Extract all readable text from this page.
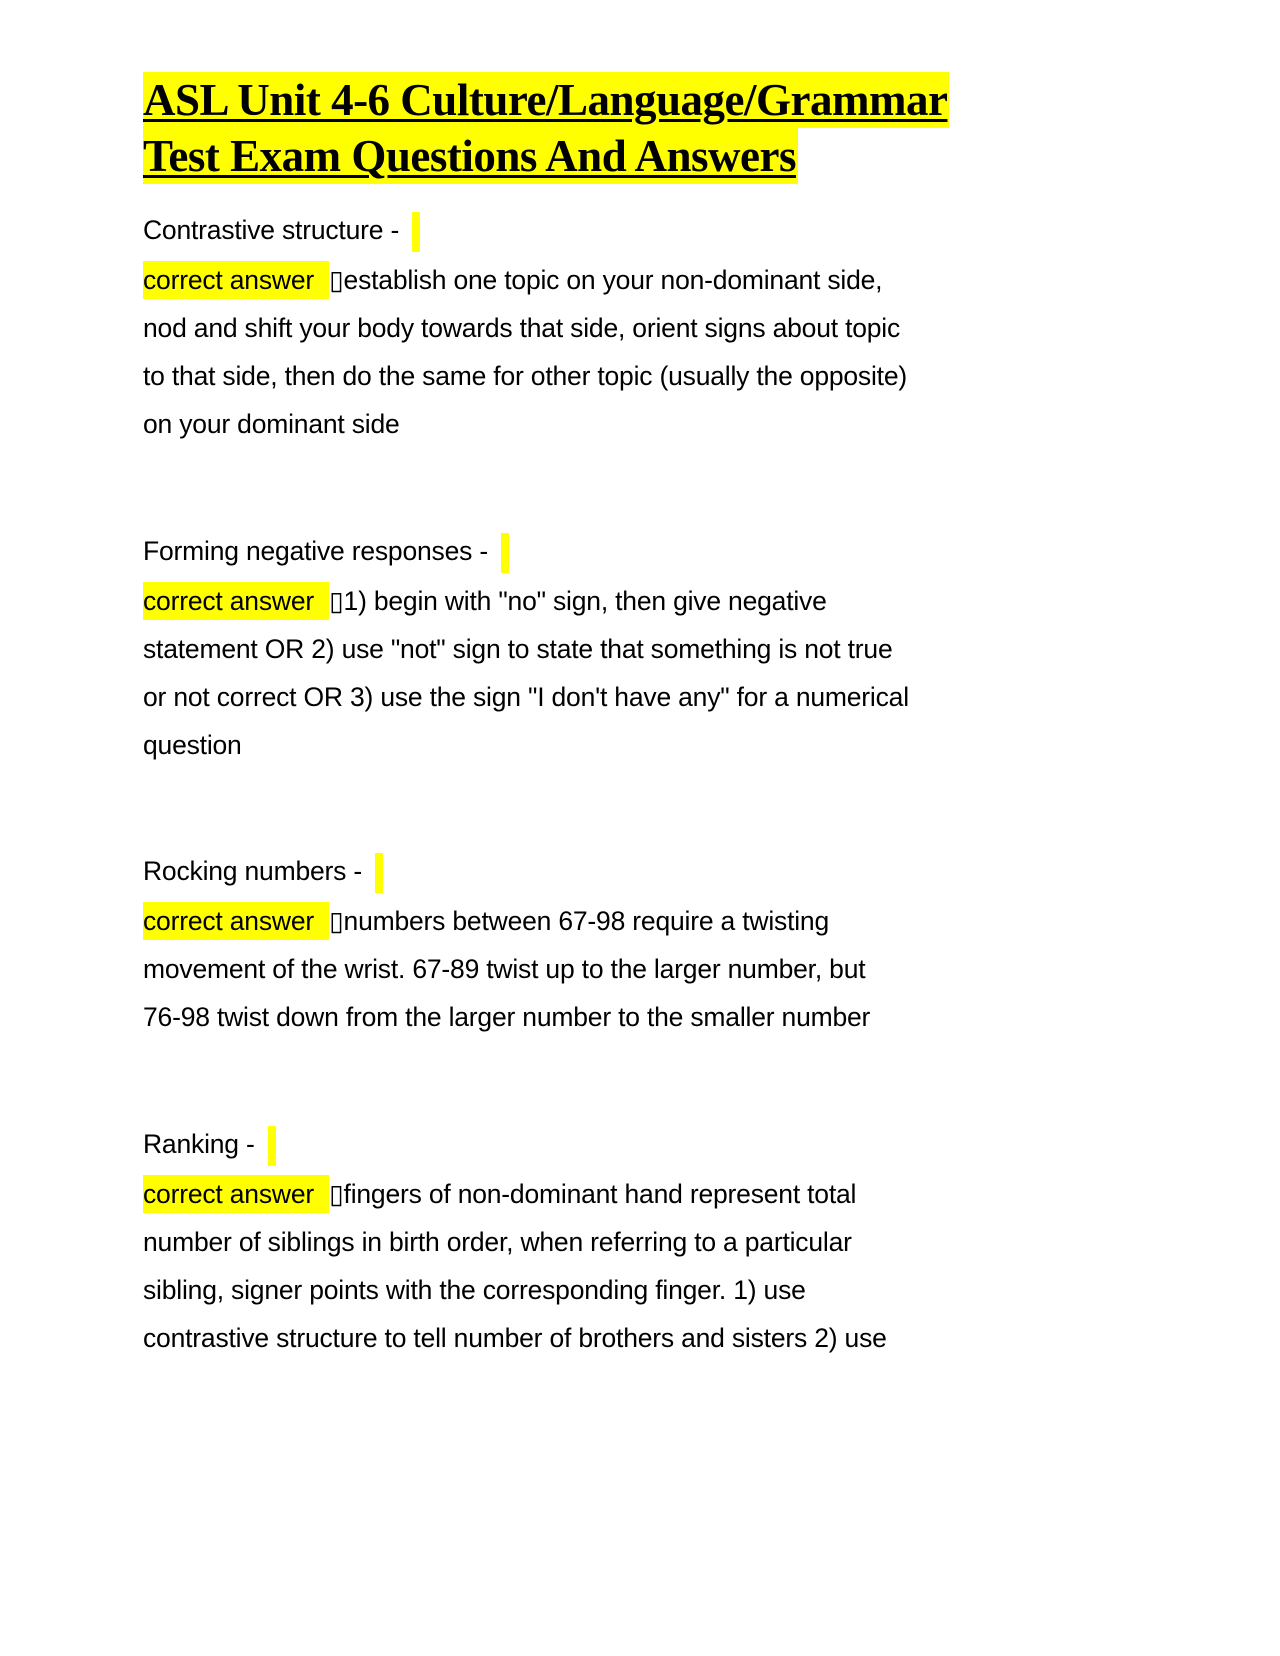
ASL Unit 4-6 Culture/Language/Grammar
Test Exam Questions And Answers
Contrastive structure -
correct answer ▯establish one topic on your non-dominant side,
nod and shift your body towards that side, orient signs about topic
to that side, then do the same for other topic (usually the opposite)
on your dominant side
Forming negative responses -
correct answer ▯1) begin with "no" sign, then give negative
statement OR 2) use "not" sign to state that something is not true
or not correct OR 3) use the sign "I don't have any" for a numerical
question
Rocking numbers -
correct answer ▯numbers between 67-98 require a twisting
movement of the wrist. 67-89 twist up to the larger number, but
76-98 twist down from the larger number to the smaller number
Ranking -
correct answer ▯fingers of non-dominant hand represent total
number of siblings in birth order, when referring to a particular
sibling, signer points with the corresponding finger. 1) use
contrastive structure to tell number of brothers and sisters 2) use
